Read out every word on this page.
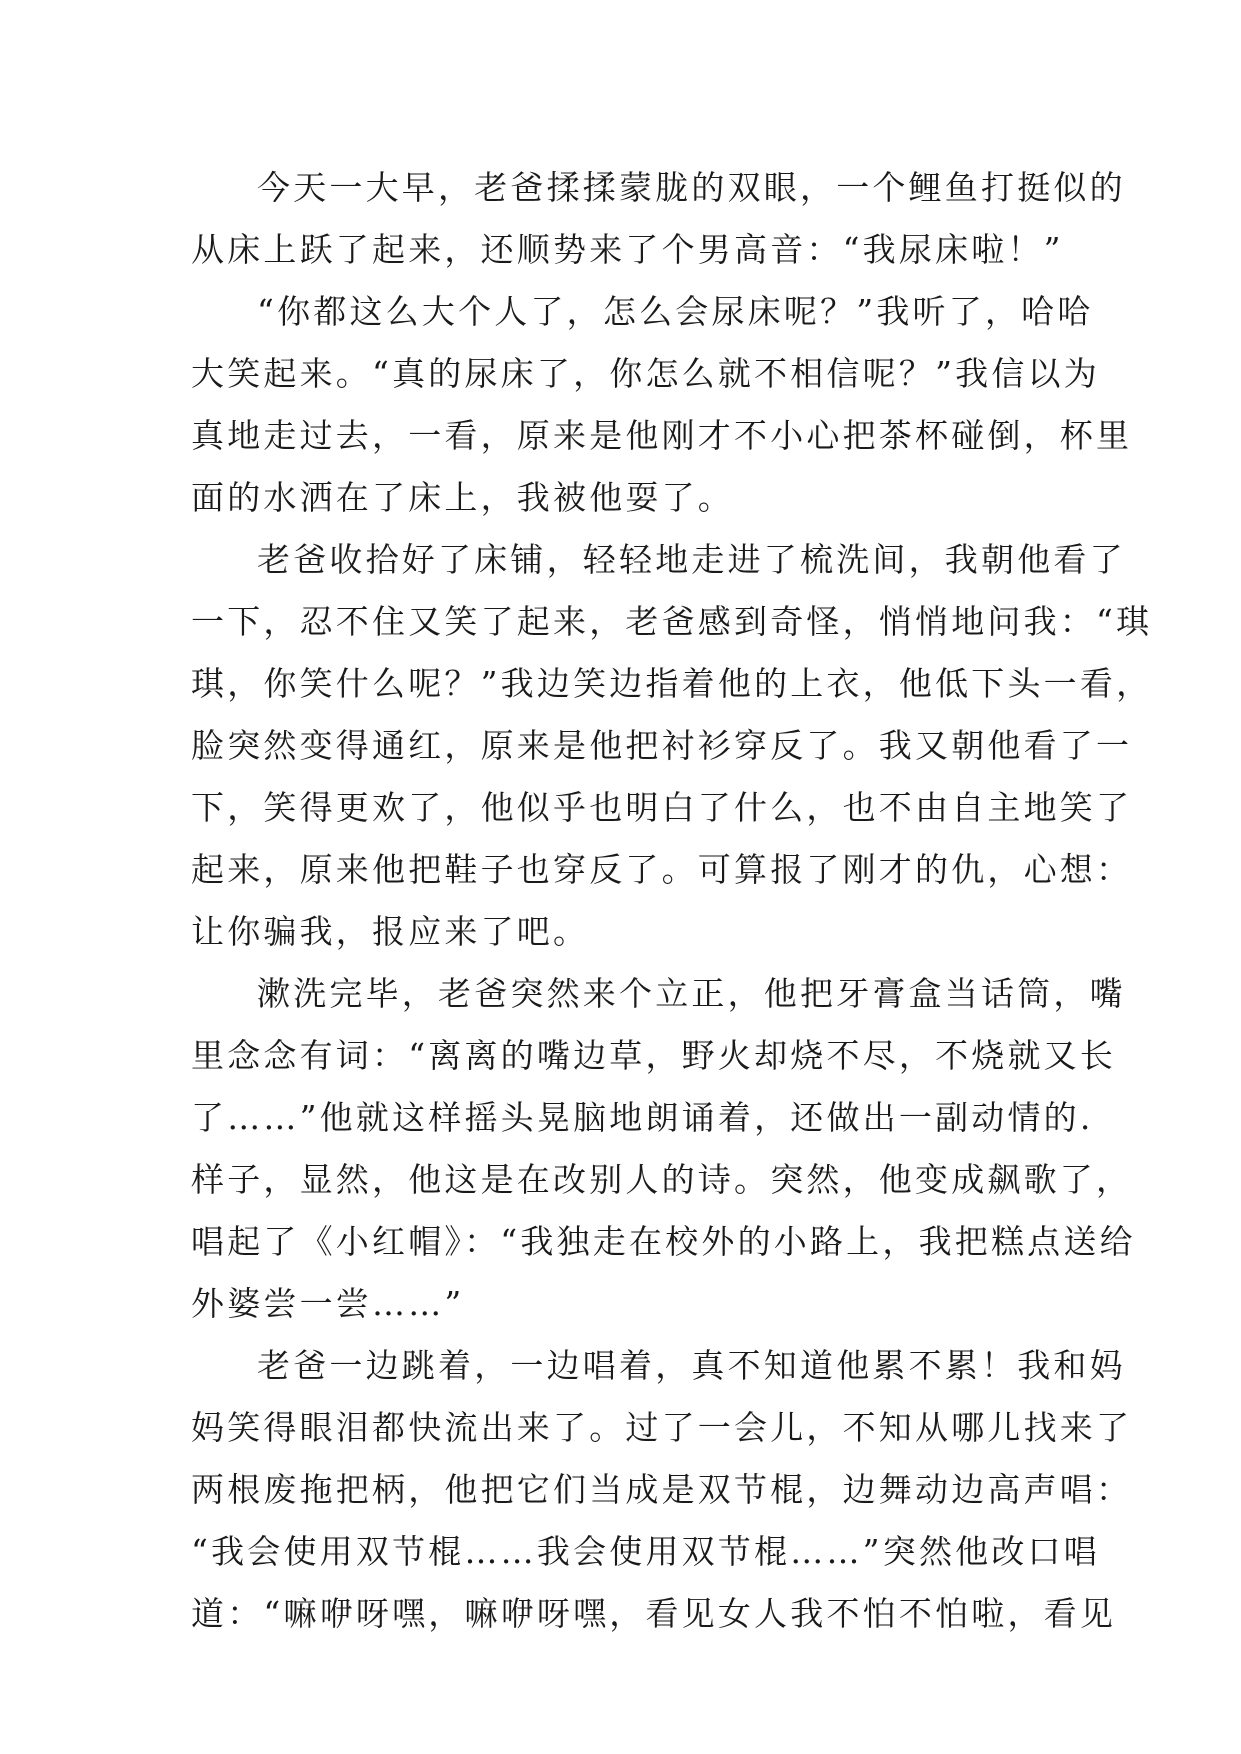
今天一大早，老爸揉揉蒙胧的双眼，一个鲤鱼打挺似的
从床上跃了起来，还顺势来了个男高音：“我尿床啦！”
“你都这么大个人了，怎么会尿床呢？”我听了，哈哈
大笑起来。“真的尿床了，你怎么就不相信呢？”我信以为
真地走过去，一看，原来是他刚才不小心把茶杯碰倒，杯里
面的水洒在了床上，我被他耍了。
老爸收拾好了床铺，轻轻地走进了梳洗间，我朝他看了
一下，忍不住又笑了起来，老爸感到奇怪，悄悄地问我：“琪
琪，你笑什么呢？”我边笑边指着他的上衣，他低下头一看，
脸突然变得通红，原来是他把衬衫穿反了。我又朝他看了一
下，笑得更欢了，他似乎也明白了什么，也不由自主地笑了
起来，原来他把鞋子也穿反了。可算报了刚才的仇，心想：
让你骗我，报应来了吧。
漱洗完毕，老爸突然来个立正，他把牙膏盒当话筒，嘴
里念念有词：“离离的嘴边草，野火却烧不尽，不烧就又长
了……”他就这样摇头晃脑地朗诵着，还做出一副动情的.
样子，显然，他这是在改别人的诗。突然，他变成飙歌了，
唱起了《小红帽》：“我独走在校外的小路上，我把糕点送给
外婆尝一尝……”
老爸一边跳着，一边唱着，真不知道他累不累！我和妈
妈笑得眼泪都快流出来了。过了一会儿，不知从哪儿找来了
两根废拖把柄，他把它们当成是双节棍，边舞动边高声唱：
“我会使用双节棍……我会使用双节棍……”突然他改口唱
道：“嘛咿呀嘿，嘛咿呀嘿，看见女人我不怕不怕啦，看见
